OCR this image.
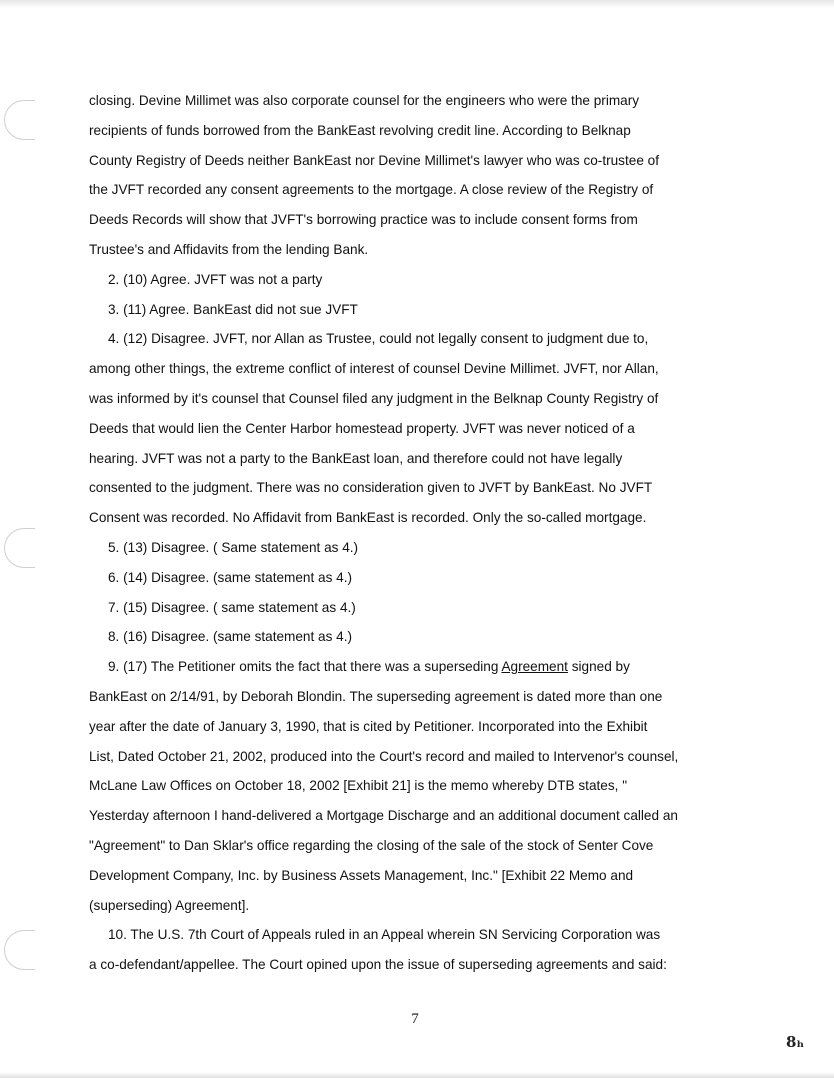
closing. Devine Millimet was also corporate counsel for the engineers who were the primary

recipients of funds borrowed from the BankEast revolving credit line. According to Belknap

County Registry of Deeds neither BankEast nor Devine Millimet's lawyer who was co-trustee of

the JVFT recorded any consent agreements to the mortgage. A close review of the Registry of

Deeds Records will show that JVFT's borrowing practice was to include consent forms from

Trustee's and Affidavits from the lending Bank.

2. (10) Agree. JVFT was not a party

3. (11) Agree. BankEast did not sue JVFT

4. (12) Disagree. JVFT, nor Allan as Trustee, could not legally consent to judgment due to,

among other things, the extreme conflict of interest of counsel Devine Millimet. JVFT, nor Allan,

was informed by it's counsel that Counsel filed any judgment in the Belknap County Registry of

Deeds that would lien the Center Harbor homestead property. JVFT was never noticed of a

hearing. JVFT was not a party to the BankEast loan, and therefore could not have legally

consented to the judgment. There was no consideration given to JVFT by BankEast. No JVFT

Consent was recorded. No Affidavit from BankEast is recorded. Only the so-called mortgage.

5. (13) Disagree. ( Same statement as 4.)

6. (14) Disagree. (same statement as 4.)

7. (15) Disagree. ( same statement as 4.)

8. (16) Disagree. (same statement as 4.)

9. (17) The Petitioner omits the fact that there was a superseding Agreement signed by

BankEast on 2/14/91, by Deborah Blondin. The superseding agreement is dated more than one

year after the date of January 3, 1990, that is cited by Petitioner. Incorporated into the Exhibit

List, Dated October 21, 2002, produced into the Court's record and mailed to Intervenor's counsel,

McLane Law Offices on October 18, 2002 [Exhibit 21] is the memo whereby DTB states, "

Yesterday afternoon I hand-delivered a Mortgage Discharge and an additional document called an

"Agreement" to Dan Sklar's office regarding the closing of the sale of the stock of Senter Cove

Development Company, Inc. by Business Assets Management, Inc." [Exhibit 22 Memo and

(superseding) Agreement].

10. The U.S. 7th Court of Appeals ruled in an Appeal wherein SN Servicing Corporation was

a co-defendant/appellee. The Court opined upon the issue of superseding agreements and said:

7
8ₕ
